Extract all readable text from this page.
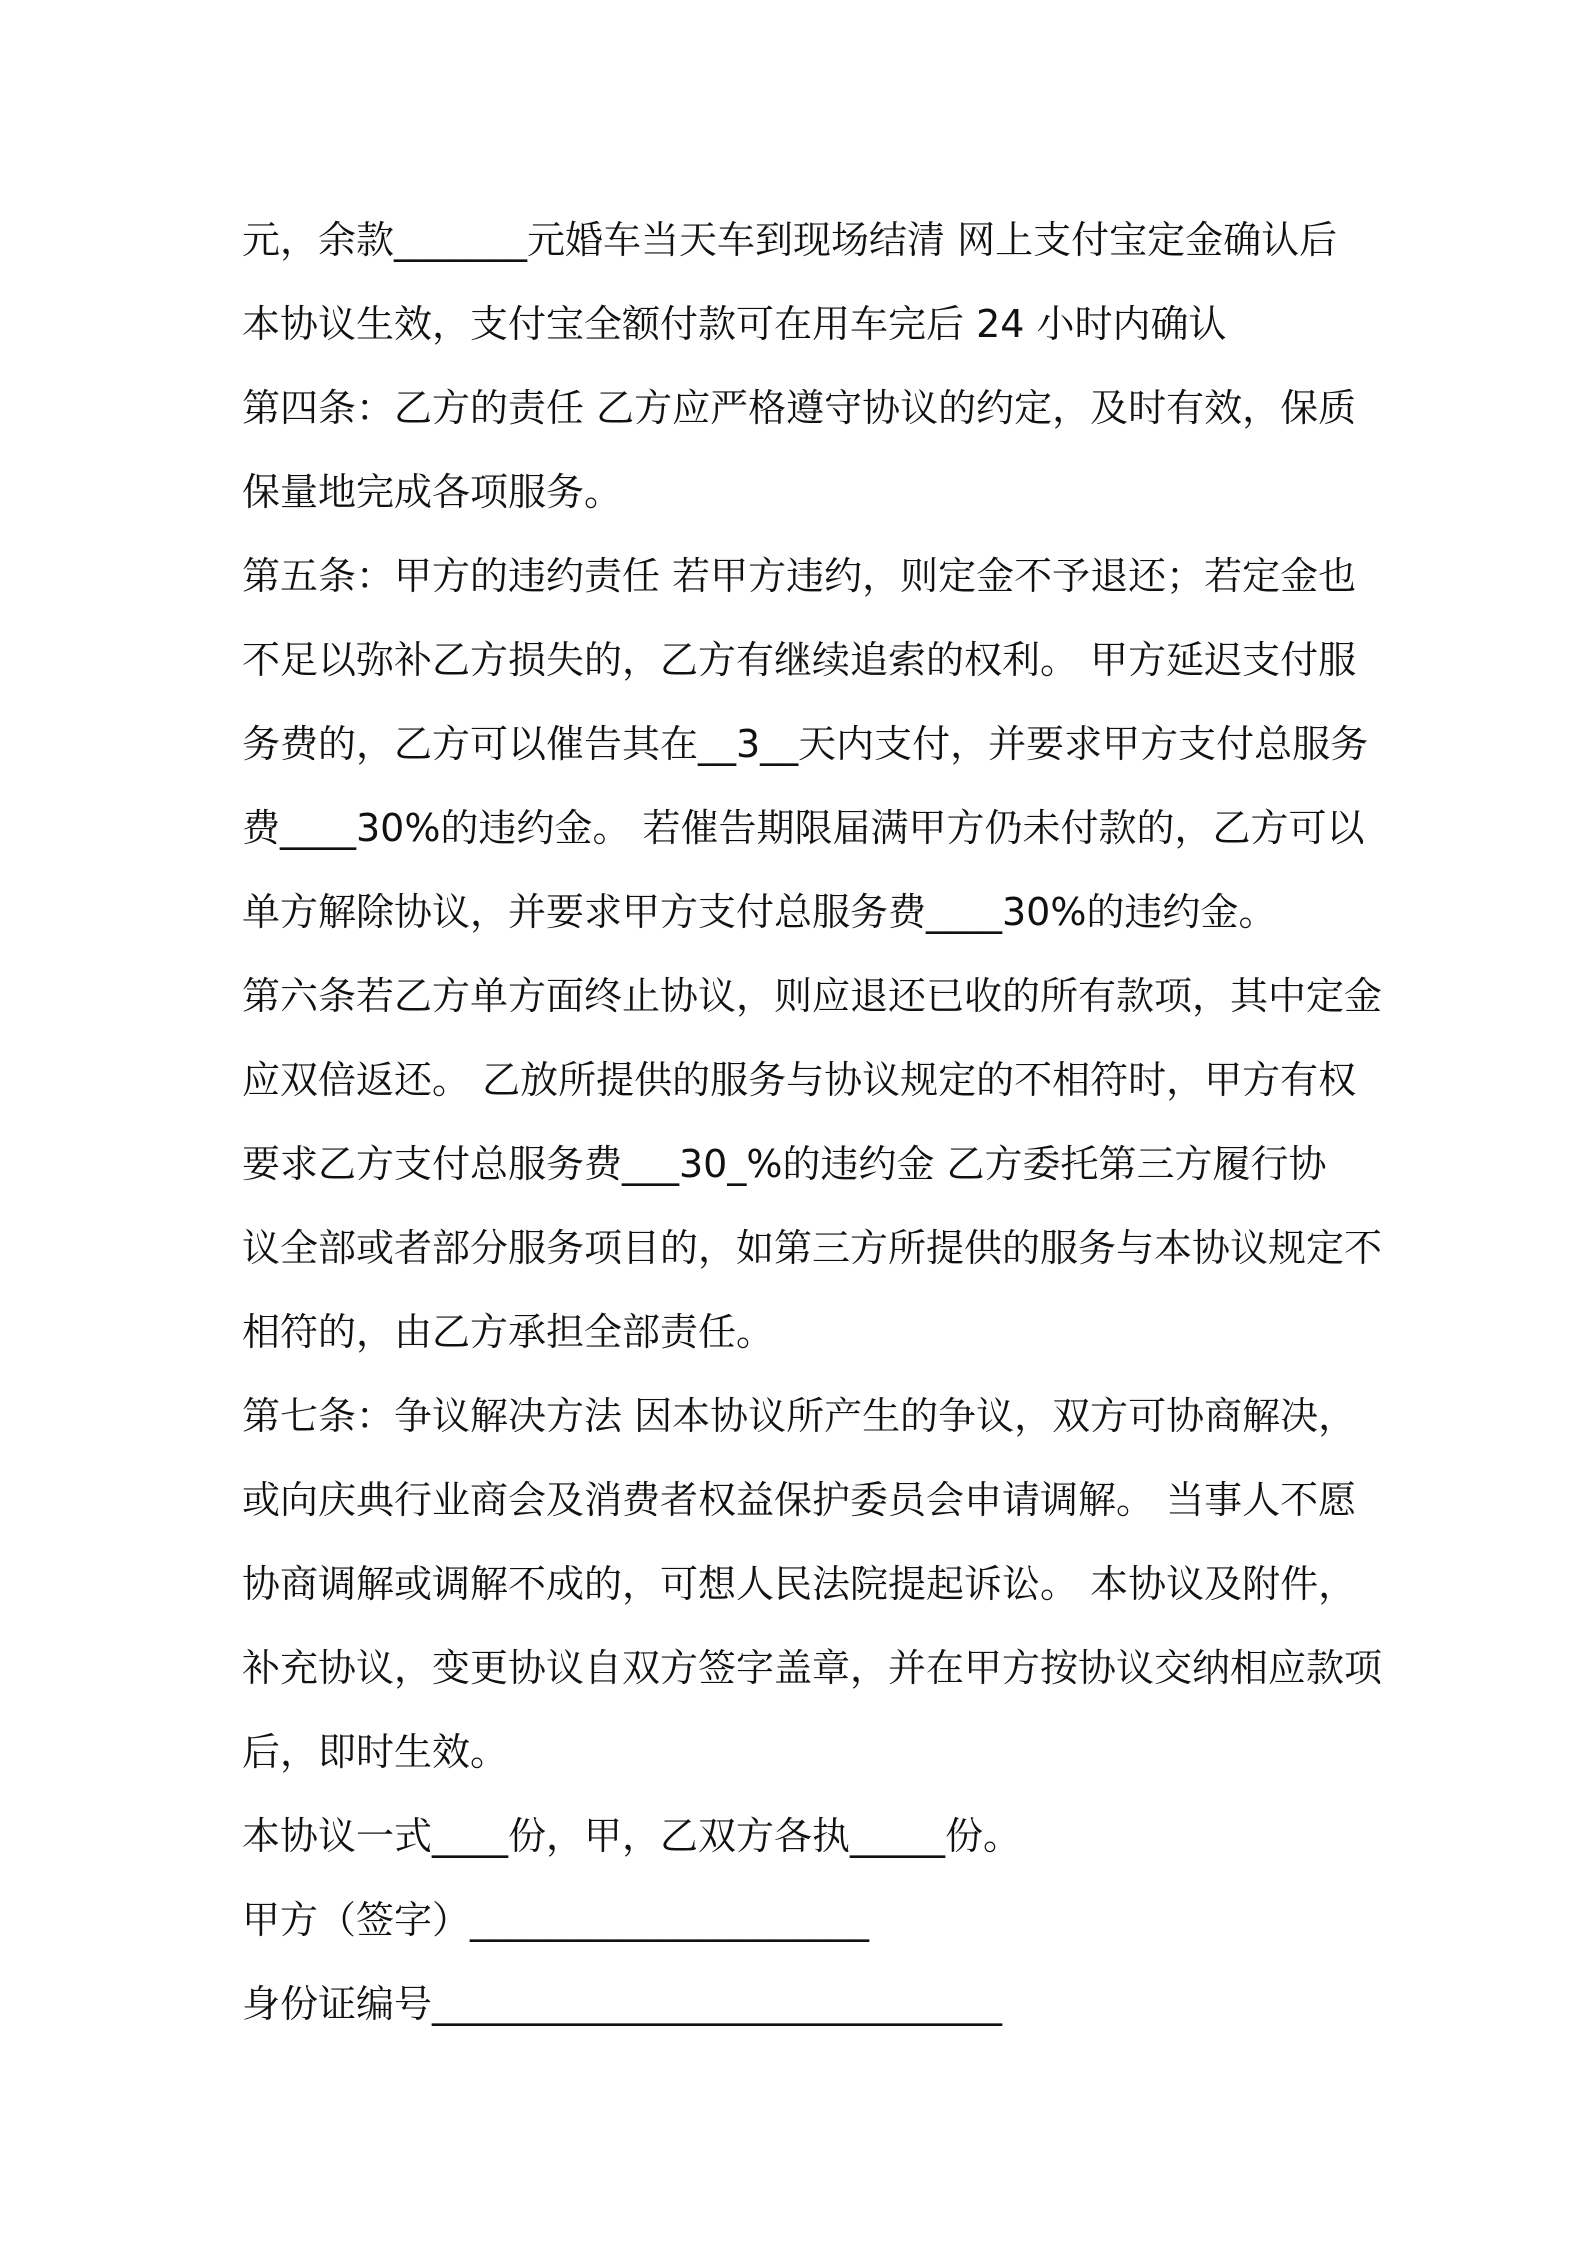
元，余款_______元婚车当天车到现场结清 网上支付宝定金确认后
本协议生效，支付宝全额付款可在用车完后 24 小时内确认
第四条：乙方的责任 乙方应严格遵守协议的约定，及时有效，保质
保量地完成各项服务。
第五条：甲方的违约责任 若甲方违约，则定金不予退还；若定金也
不足以弥补乙方损失的，乙方有继续追索的权利。 甲方延迟支付服
务费的，乙方可以催告其在__3__天内支付，并要求甲方支付总服务
费____30%的违约金。 若催告期限届满甲方仍未付款的，乙方可以
单方解除协议，并要求甲方支付总服务费____30%的违约金。
第六条若乙方单方面终止协议，则应退还已收的所有款项，其中定金
应双倍返还。 乙放所提供的服务与协议规定的不相符时，甲方有权
要求乙方支付总服务费___30_%的违约金 乙方委托第三方履行协
议全部或者部分服务项目的，如第三方所提供的服务与本协议规定不
相符的，由乙方承担全部责任。
第七条：争议解决方法 因本协议所产生的争议，双方可协商解决，
或向庆典行业商会及消费者权益保护委员会申请调解。 当事人不愿
协商调解或调解不成的，可想人民法院提起诉讼。 本协议及附件，
补充协议，变更协议自双方签字盖章，并在甲方按协议交纳相应款项
后，即时生效。
本协议一式____份，甲，乙双方各执_____份。
甲方（签字）_____________________
身份证编号______________________________
